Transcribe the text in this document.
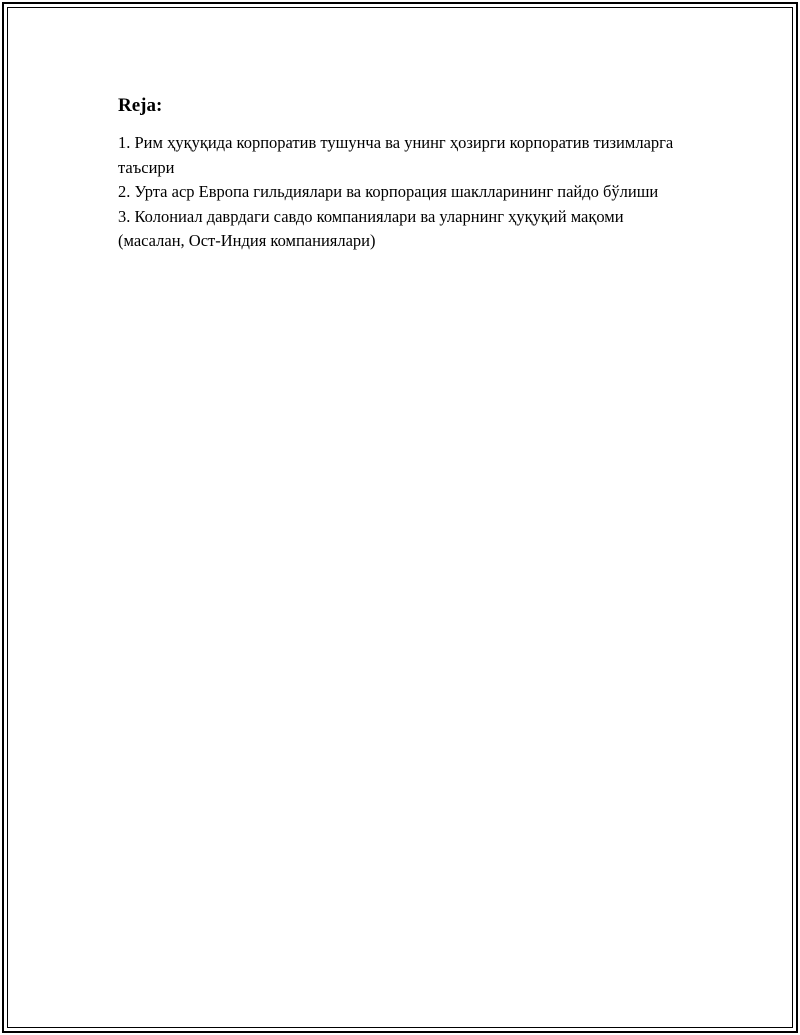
Reja:
1. Рим ҳуқуқида корпоратив тушунча ва унинг ҳозирги корпоратив тизимларга таъсири
2. Урта аср Европа гильдиялари ва корпорация шаклларининг пайдо бўлиши
3. Колониал даврдаги савдо компаниялари ва уларнинг ҳуқуқий мақоми (масалан, Ост-Индия компаниялари)
